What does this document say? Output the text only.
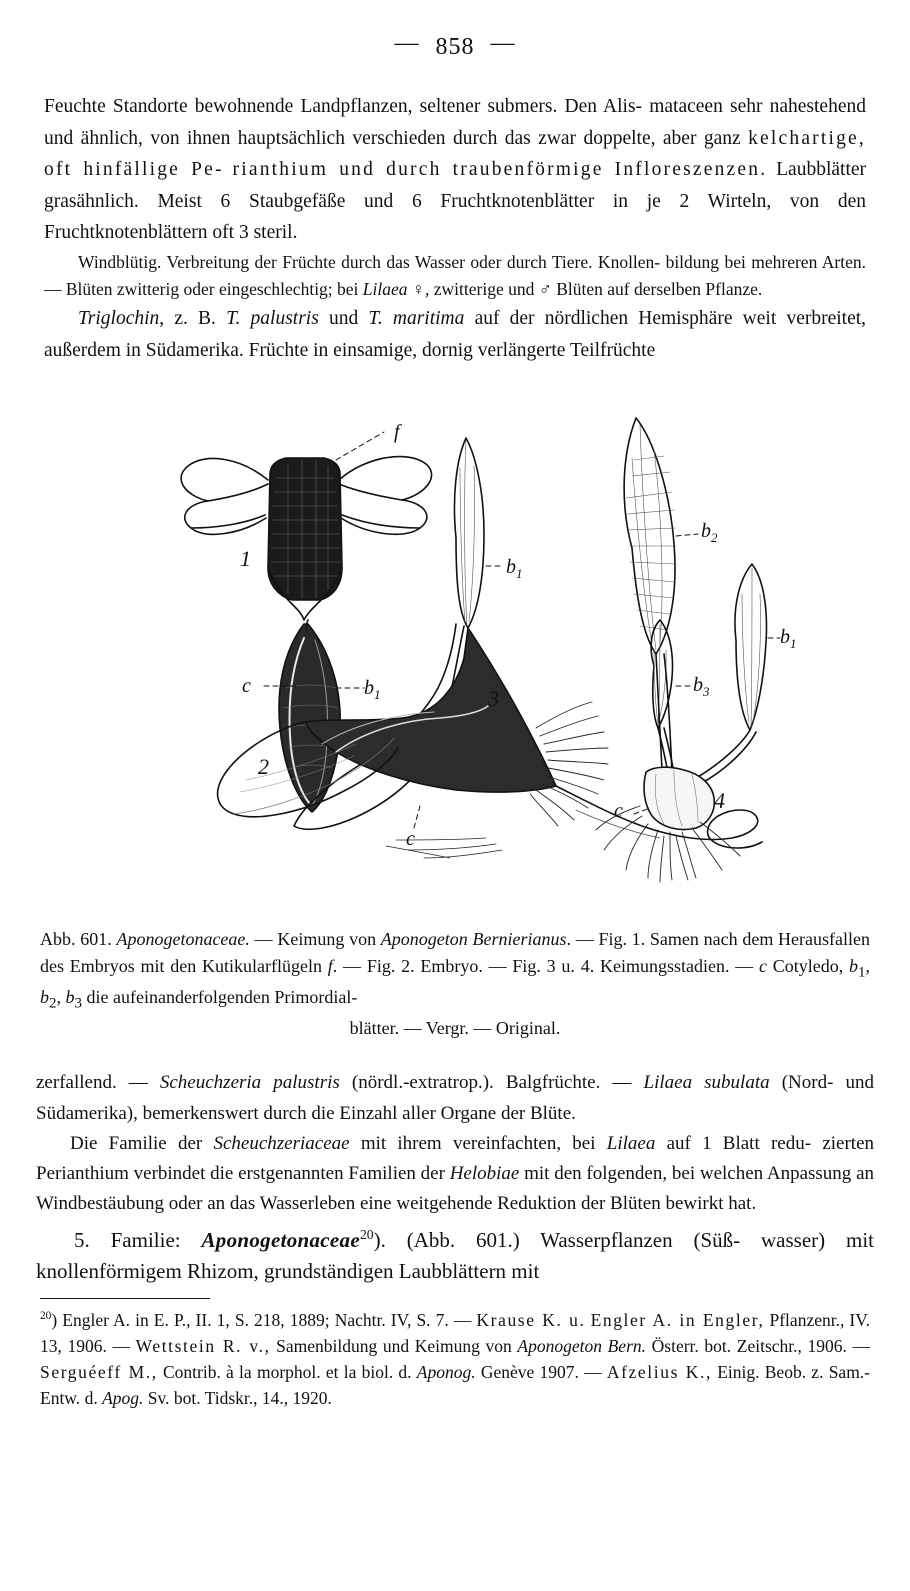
— 858 —
Feuchte Standorte bewohnende Landpflanzen, seltener submers. Den Alis- mataceen sehr nahestehend und ähnlich, von ihnen hauptsächlich verschieden durch das zwar doppelte, aber ganz kelchartige, oft hinfällige Pe- rianthium und durch traubenförmige Infloreszenzen. Laubblätter grasähnlich. Meist 6 Staubgefäße und 6 Fruchtknotenblätter in je 2 Wirteln, von den Fruchtknotenblättern oft 3 steril.
Windblütig. Verbreitung der Früchte durch das Wasser oder durch Tiere. Knollen- bildung bei mehreren Arten. — Blüten zwitterig oder eingeschlechtig; bei Lilaea ♀, zwitterige und ♂ Blüten auf derselben Pflanze.
Triglochin, z. B. T. palustris und T. maritima auf der nördlichen Hemisphäre weit verbreitet, außerdem in Südamerika. Früchte in einsamige, dornig verlängerte Teilfrüchte
f
$b_1$
$b_2$
$b_1$
$b_3$
c	$b_1$
c
c
1
2
3
4
Abb. 601. Aponogetonaceae. — Keimung von Aponogeton Bernierianus. — Fig. 1. Samen nach dem Herausfallen des Embryos mit den Kutikularflügeln f. — Fig. 2. Embryo. — Fig. 3 u. 4. Keimungsstadien. — c Cotyledo, $b_1$, $b_2$, $b_3$ die aufeinanderfolgenden Primordial-
blätter. — Vergr. — Original.
zerfallend. — Scheuchzeria palustris (nördl.-extratrop.). Balgfrüchte. — Lilaea subulata (Nord- und Südamerika), bemerkenswert durch die Einzahl aller Organe der Blüte.
Die Familie der Scheuchzeriaceae mit ihrem vereinfachten, bei Lilaea auf 1 Blatt redu- zierten Perianthium verbindet die erstgenannten Familien der Helobiae mit den folgenden, bei welchen Anpassung an Windbestäubung oder an das Wasserleben eine weitgehende Reduktion der Blüten bewirkt hat.
5. Familie: Aponogetonaceae$^{20}$). (Abb. 601.) Wasserpflanzen (Süß- wasser) mit knollenförmigem Rhizom, grundständigen Laubblättern mit
$^{20}$) Engler A. in E. P., II. 1, S. 218, 1889; Nachtr. IV, S. 7. — Krause K. u. Engler A. in Engler, Pflanzenr., IV. 13, 1906. — Wettstein R. v., Samenbildung und Keimung von Aponogeton Bern. Österr. bot. Zeitschr., 1906. — Serguéeff M., Contrib. à la morphol. et la biol. d. Aponog. Genève 1907. — Afzelius K., Einig. Beob. z. Sam.-Entw. d. Apog. Sv. bot. Tidskr., 14., 1920.
